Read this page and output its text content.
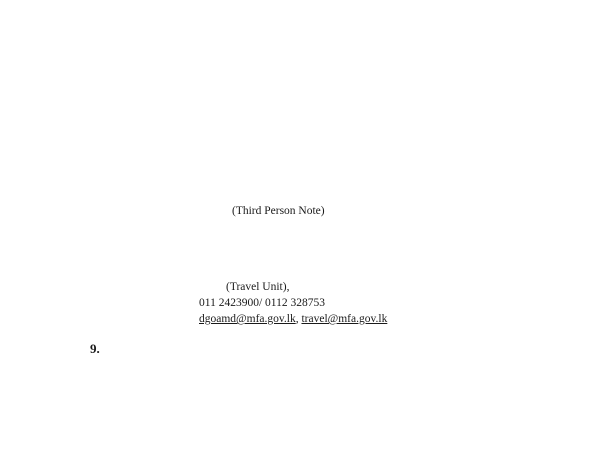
(Third Person Note)
(Travel Unit),
011 2423900/ 0112 328753
dgoamd@mfa.gov.lk, travel@mfa.gov.lk
9.
